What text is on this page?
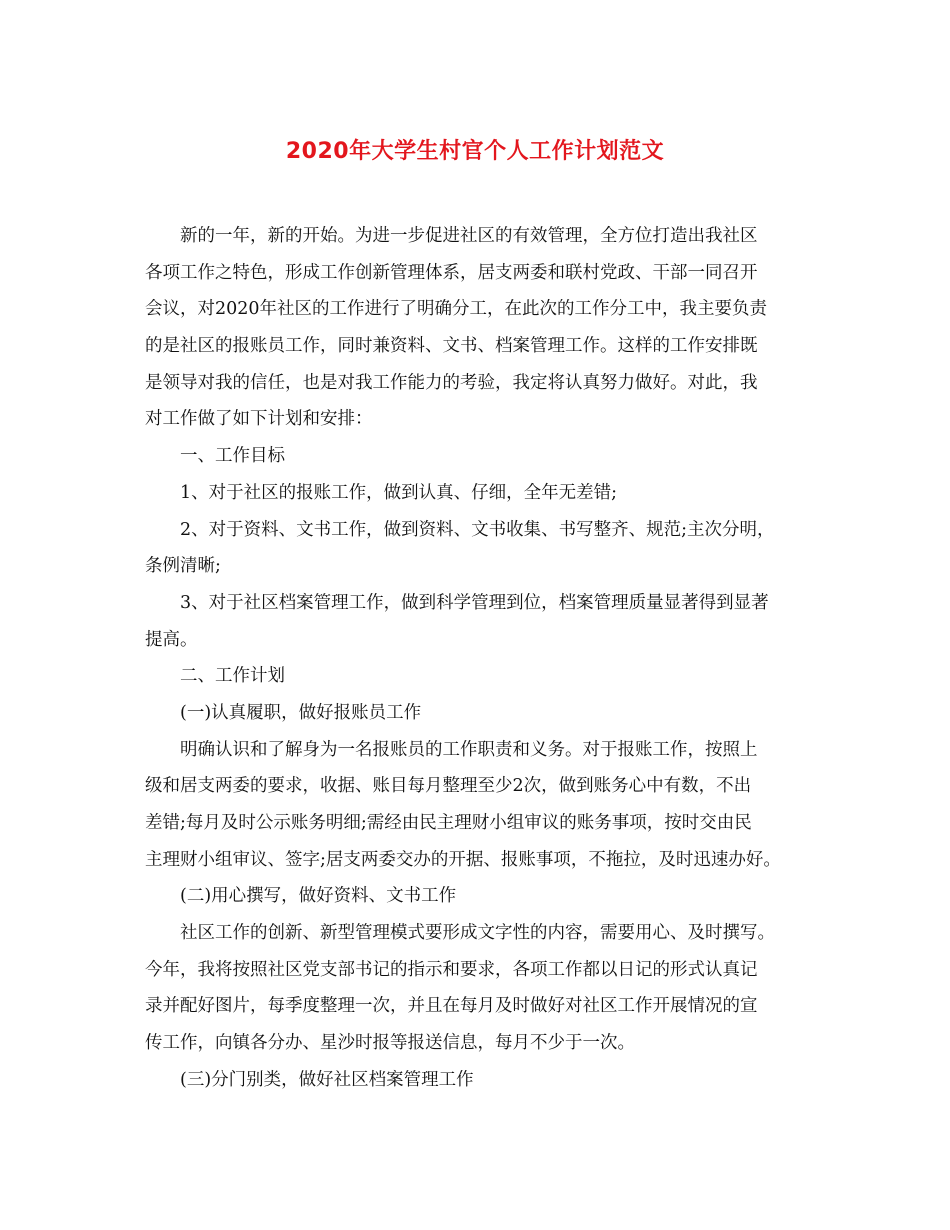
2020年大学生村官个人工作计划范文
新的一年，新的开始。为进一步促进社区的有效管理，全方位打造出我社区
各项工作之特色，形成工作创新管理体系，居支两委和联村党政、干部一同召开
会议，对2020年社区的工作进行了明确分工，在此次的工作分工中，我主要负责
的是社区的报账员工作，同时兼资料、文书、档案管理工作。这样的工作安排既
是领导对我的信任，也是对我工作能力的考验，我定将认真努力做好。对此，我
对工作做了如下计划和安排：
一、工作目标
1、对于社区的报账工作，做到认真、仔细，全年无差错;
2、对于资料、文书工作，做到资料、文书收集、书写整齐、规范;主次分明，
条例清晰;
3、对于社区档案管理工作，做到科学管理到位，档案管理质量显著得到显著
提高。
二、工作计划
(一)认真履职，做好报账员工作
明确认识和了解身为一名报账员的工作职责和义务。对于报账工作，按照上
级和居支两委的要求，收据、账目每月整理至少2次，做到账务心中有数，不出
差错;每月及时公示账务明细;需经由民主理财小组审议的账务事项，按时交由民
主理财小组审议、签字;居支两委交办的开据、报账事项，不拖拉，及时迅速办好。
(二)用心撰写，做好资料、文书工作
社区工作的创新、新型管理模式要形成文字性的内容，需要用心、及时撰写。
今年，我将按照社区党支部书记的指示和要求，各项工作都以日记的形式认真记
录并配好图片，每季度整理一次，并且在每月及时做好对社区工作开展情况的宣
传工作，向镇各分办、星沙时报等报送信息，每月不少于一次。
(三)分门别类，做好社区档案管理工作
